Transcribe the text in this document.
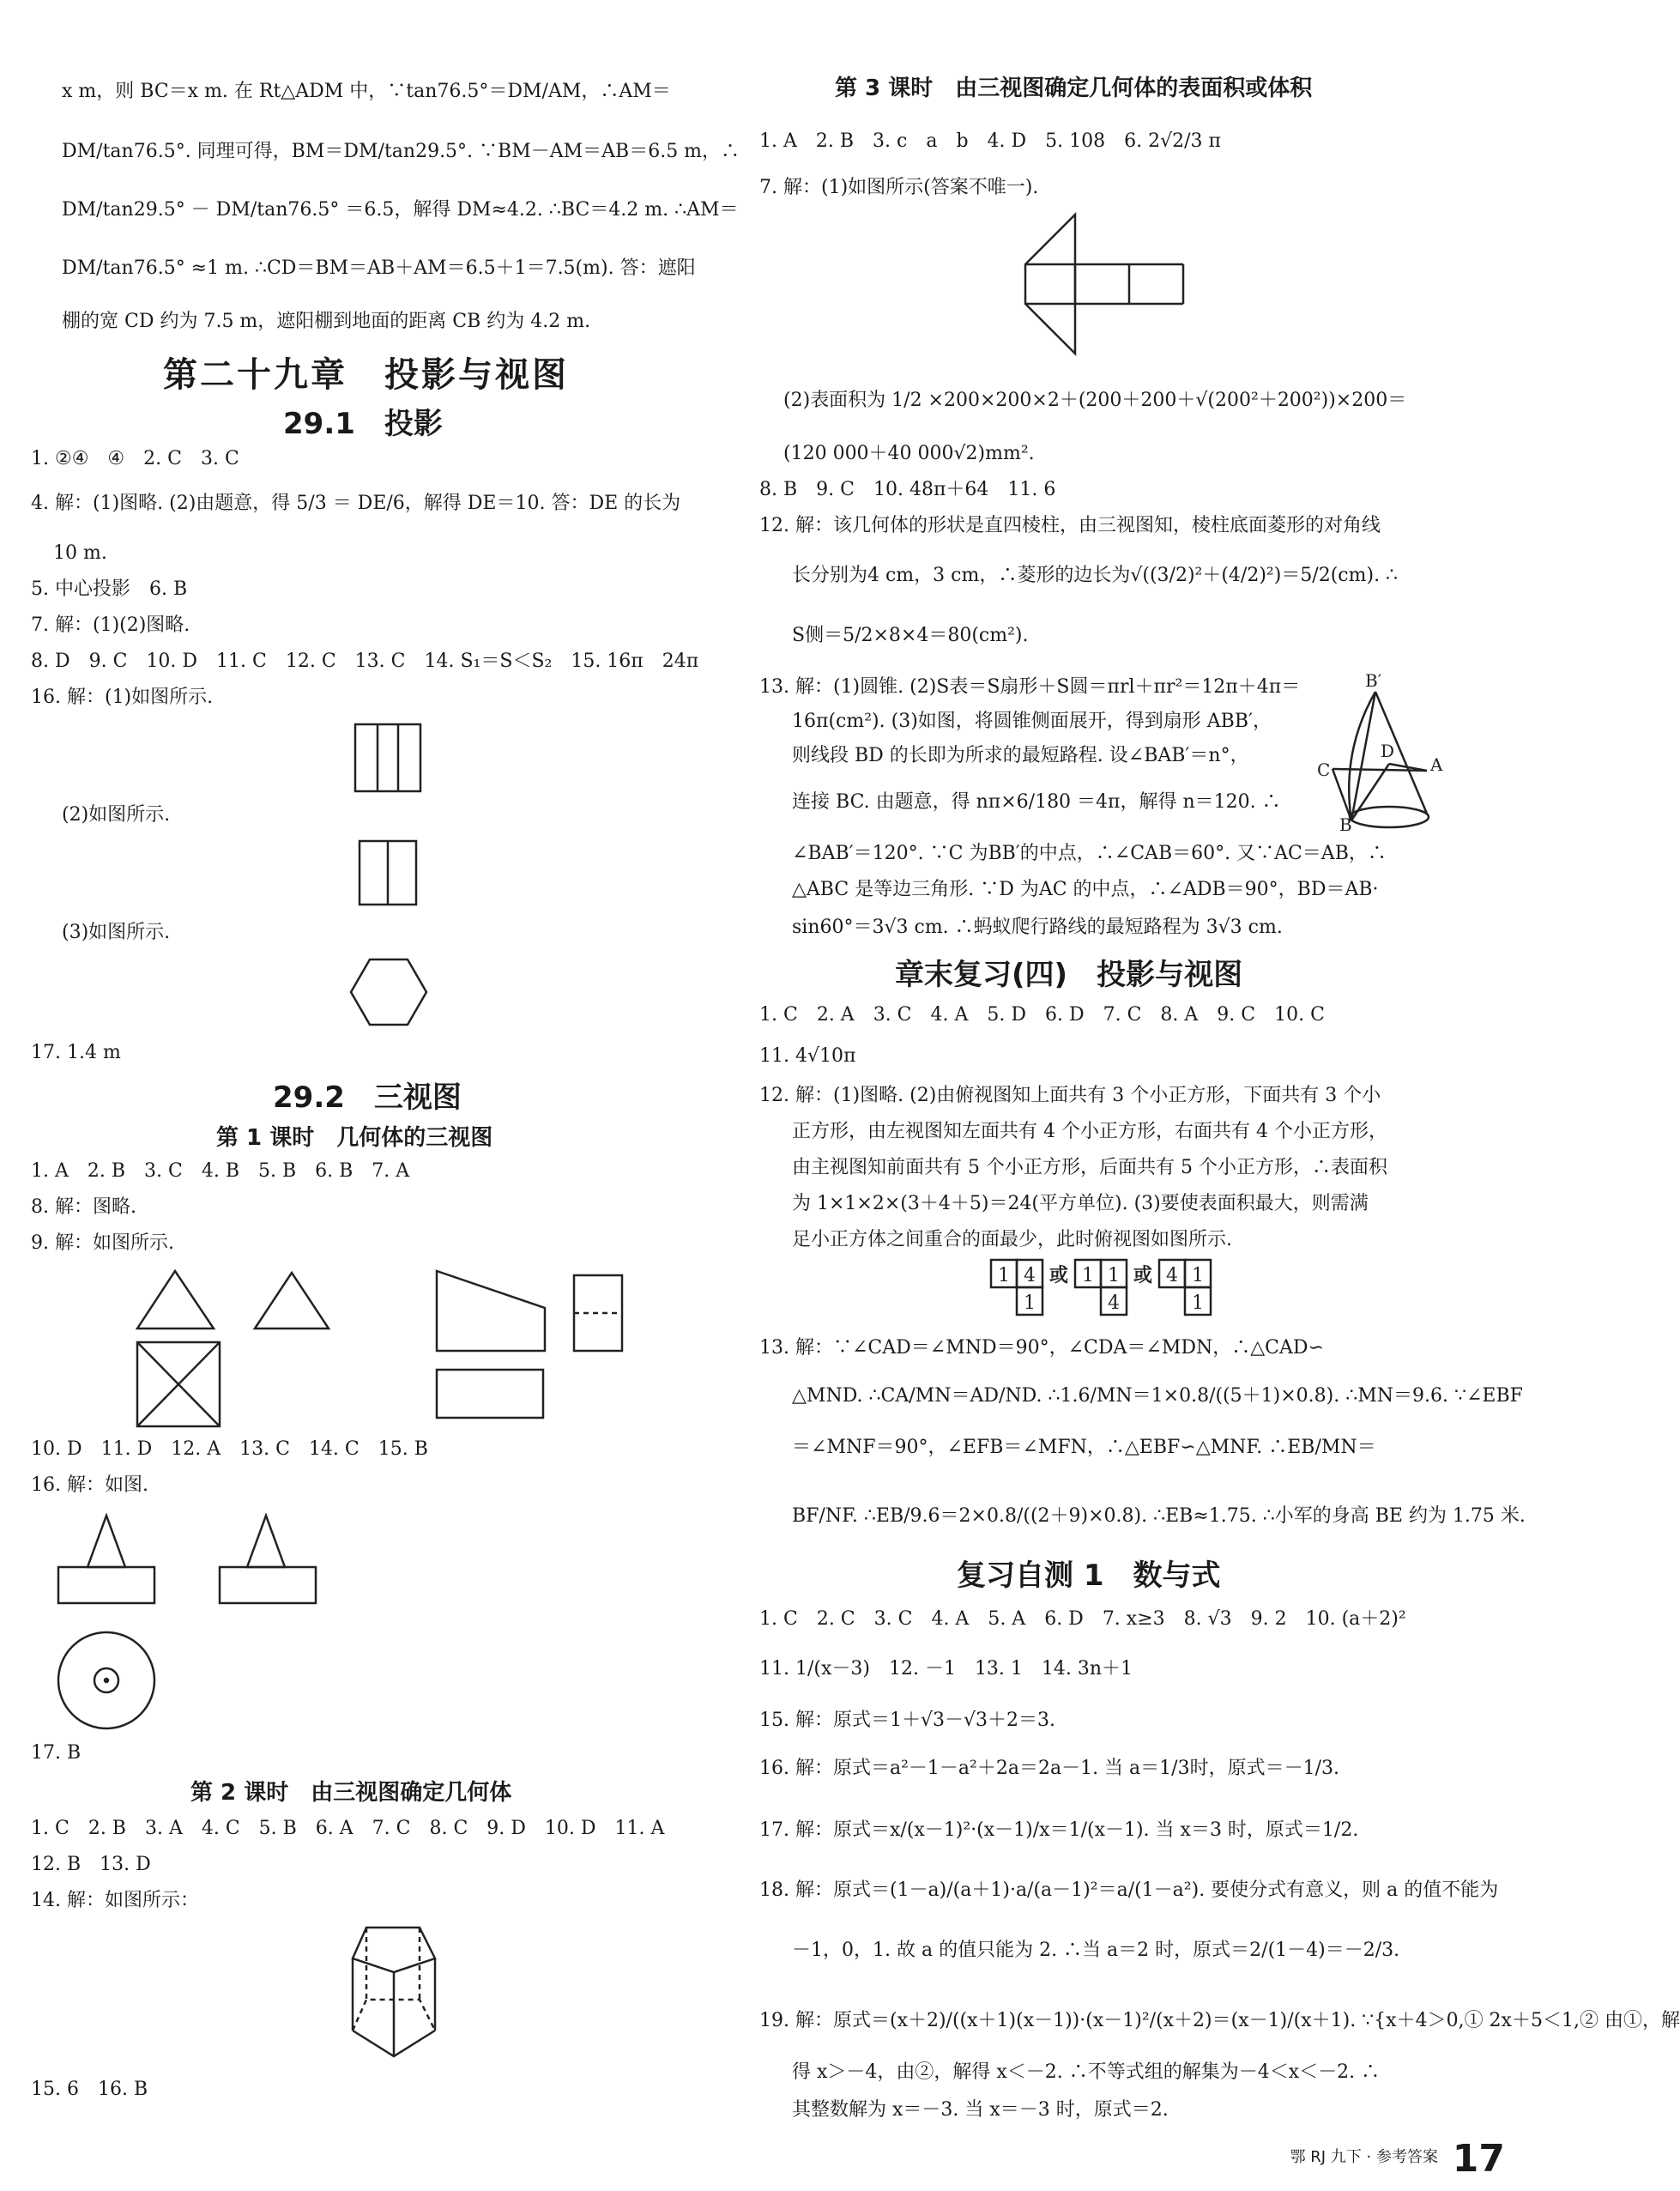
x m，则 BC＝x m. 在 Rt△ADM 中，∵tan76.5°＝DM/AM，∴AM＝
DM/tan76.5°. 同理可得，BM＝DM/tan29.5°. ∵BM－AM＝AB＝6.5 m，∴
DM/tan29.5° － DM/tan76.5° ＝6.5，解得 DM≈4.2. ∴BC＝4.2 m. ∴AM＝
DM/tan76.5° ≈1 m. ∴CD＝BM＝AB＋AM＝6.5＋1＝7.5(m). 答：遮阳
棚的宽 CD 约为 7.5 m，遮阳棚到地面的距离 CB 约为 4.2 m.
第二十九章　投影与视图
29.1　投影
1. ②④　④　2. C　3. C
4. 解：(1)图略. (2)由题意，得 5/3 ＝ DE/6，解得 DE＝10. 答：DE 的长为
10 m.
5. 中心投影　6. B
7. 解：(1)(2)图略.
8. D　9. C　10. D　11. C　12. C　13. C　14. S₁＝S＜S₂　15. 16π　24π
16. 解：(1)如图所示.
(2)如图所示.
(3)如图所示.
17. 1.4 m
29.2　三视图
第 1 课时　几何体的三视图
1. A　2. B　3. C　4. B　5. B　6. B　7. A
8. 解：图略.
9. 解：如图所示.
10. D　11. D　12. A　13. C　14. C　15. B
16. 解：如图.
17. B
第 2 课时　由三视图确定几何体
1. C　2. B　3. A　4. C　5. B　6. A　7. C　8. C　9. D　10. D　11. A
12. B　13. D
14. 解：如图所示：
15. 6　16. B
第 3 课时　由三视图确定几何体的表面积或体积
1. A　2. B　3. c　a　b　4. D　5. 108　6. 2√2/3 π
7. 解：(1)如图所示(答案不唯一).
(2)表面积为 1/2 ×200×200×2＋(200＋200＋√(200²＋200²))×200＝
(120 000＋40 000√2)mm².
8. B　9. C　10. 48π＋64　11. 6
12. 解：该几何体的形状是直四棱柱，由三视图知，棱柱底面菱形的对角线
长分别为4 cm，3 cm，∴菱形的边长为√((3/2)²＋(4/2)²)＝5/2(cm). ∴
S侧＝5/2×8×4＝80(cm²).
13. 解：(1)圆锥. (2)S表＝S扇形＋S圆＝πrl＋πr²＝12π＋4π＝
16π(cm²). (3)如图，将圆锥侧面展开，得到扇形 ABB′，
则线段 BD 的长即为所求的最短路程. 设∠BAB′＝n°，
连接 BC. 由题意，得 nπ×6/180 ＝4π，解得 n＝120. ∴
∠BAB′＝120°. ∵C 为BB′的中点，∴∠CAB＝60°. 又∵AC＝AB，∴
△ABC 是等边三角形. ∵D 为AC 的中点，∴∠ADB＝90°，BD＝AB·
sin60°＝3√3 cm. ∴蚂蚁爬行路线的最短路程为 3√3 cm.
B′
D
A
C
B
章末复习(四)　投影与视图
1. C　2. A　3. C　4. A　5. D　6. D　7. C　8. A　9. C　10. C
11. 4√10π
12. 解：(1)图略. (2)由俯视图知上面共有 3 个小正方形，下面共有 3 个小
正方形，由左视图知左面共有 4 个小正方形，右面共有 4 个小正方形，
由主视图知前面共有 5 个小正方形，后面共有 5 个小正方形，∴表面积
为 1×1×2×(3＋4＋5)＝24(平方单位). (3)要使表面积最大，则需满
足小正方体之间重合的面最少，此时俯视图如图所示.
1 4
1
或 1 1
4
或 4 1
1
13. 解：∵∠CAD＝∠MND＝90°，∠CDA＝∠MDN，∴△CAD∽
△MND. ∴CA/MN＝AD/ND. ∴1.6/MN＝1×0.8/((5＋1)×0.8). ∴MN＝9.6. ∵∠EBF
＝∠MNF＝90°，∠EFB＝∠MFN，∴△EBF∽△MNF. ∴EB/MN＝
BF/NF. ∴EB/9.6＝2×0.8/((2＋9)×0.8). ∴EB≈1.75. ∴小军的身高 BE 约为 1.75 米.
复习自测 1　数与式
1. C　2. C　3. C　4. A　5. A　6. D　7. x≥3　8. √3　9. 2　10. (a＋2)²
11. 1/(x－3)　12. －1　13. 1　14. 3n＋1
15. 解：原式＝1＋√3－√3＋2＝3.
16. 解：原式＝a²－1－a²＋2a＝2a－1. 当 a＝1/3时，原式＝－1/3.
17. 解：原式＝x/(x－1)²·(x－1)/x＝1/(x－1). 当 x＝3 时，原式＝1/2.
18. 解：原式＝(1－a)/(a＋1)·a/(a－1)²＝a/(1－a²). 要使分式有意义，则 a 的值不能为
－1，0，1. 故 a 的值只能为 2. ∴当 a＝2 时，原式＝2/(1－4)＝－2/3.
19. 解：原式＝(x＋2)/((x＋1)(x－1))·(x－1)²/(x＋2)＝(x－1)/(x＋1). ∵{x＋4＞0,① 2x＋5＜1,② 由①，解
得 x＞－4，由②，解得 x＜－2. ∴不等式组的解集为－4＜x＜－2. ∴
其整数解为 x＝－3. 当 x＝－3 时，原式＝2.
鄂 RJ 九下 · 参考答案 17
